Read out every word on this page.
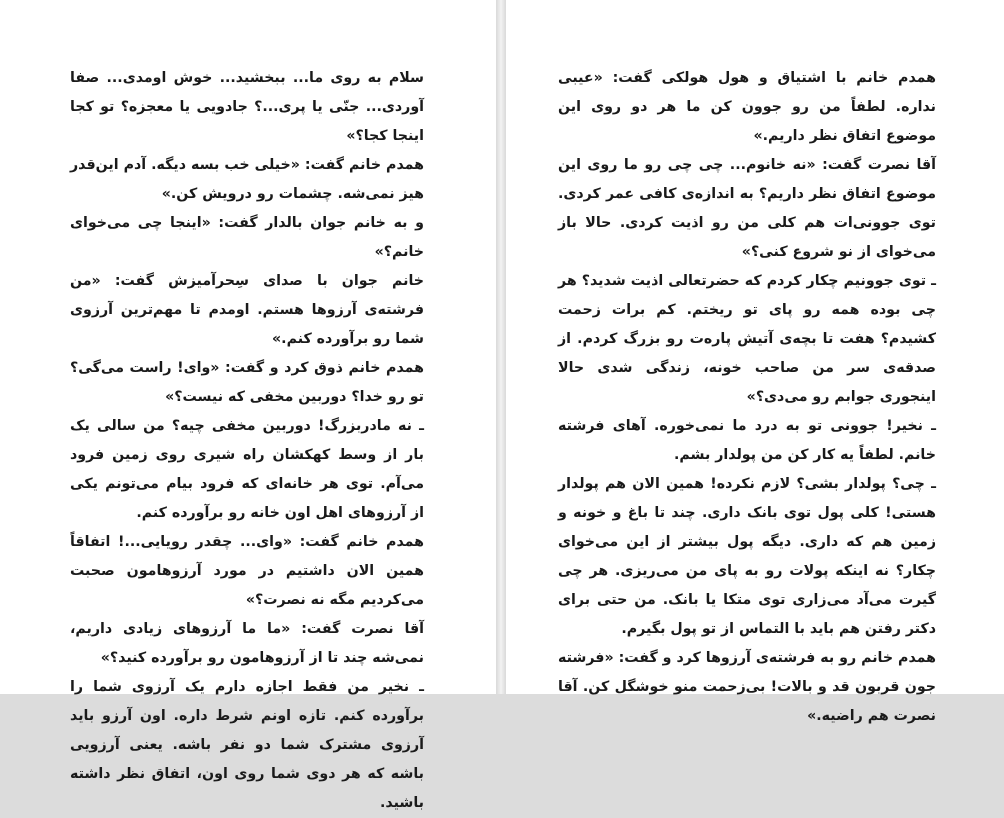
سلام به روی ما... ببخشید... خوش اومدی... صفا آوردی... جنّی یا پری...؟ جادویی یا معجزه؟ تو کجا اینجا کجا؟»

همدم خانم گفت: «خیلی خب بسه دیگه. آدم این‌قدر هیز نمی‌شه. چشمات رو درویش کن.»

و به خانم جوان بالدار گفت: «اینجا چی می‌خوای خانم؟»

خانم جوان با صدای سِحرآمیزش گفت: «من فرشته‌ی آرزوها هستم. اومدم تا مهم‌ترین آرزوی شما رو برآورده کنم.»

همدم خانم ذوق کرد و گفت: «وای! راست می‌گی؟ تو رو خدا؟ دوربین مخفی که نیست؟»

ـ نه مادربزرگ! دوربین مخفی چیه؟ من سالی یک بار از وسط کهکشان راه شیری روی زمین فرود می‌آم. توی هر خانه‌ای که فرود بیام می‌تونم یکی از آرزوهای اهل اون خانه رو برآورده کنم.

همدم خانم گفت: «وای... چقدر رویایی...! اتفاقاً همین الان داشتیم در مورد آرزوهامون صحبت می‌کردیم مگه نه نصرت؟»

آقا نصرت گفت: «ما ما آرزوهای زیادی داریم، نمی‌شه چند تا از آرزوهامون رو برآورده کنید؟»

ـ نخیر من فقط اجازه دارم یک آرزوی شما را برآورده کنم. تازه اونم شرط داره. اون آرزو باید آرزوی مشترک شما دو نفر باشه. یعنی آرزویی باشه که هر دوی شما روی اون، اتفاق نظر داشته باشید.

همدم خانم با اشتیاق و هول هولکی گفت: «عیبی نداره. لطفاً من رو جوون کن ما هر دو روی این موضوع اتفاق نظر داریم.»

آقا نصرت گفت: «نه خانوم... چی چی رو ما روی این موضوع اتفاق نظر داریم؟ به اندازه‌ی کافی عمر کردی. توی جوونی‌ات هم کلی من رو اذیت کردی. حالا باز می‌خوای از نو شروع کنی؟»

ـ توی جوونیم چکار کردم که حضرتعالی اذیت شدید؟ هر چی بوده همه رو پای تو ریختم. کم برات زحمت کشیدم؟ هفت تا بچه‌ی آتیش پارەت رو بزرگ کردم. از صدقه‌ی سر من صاحب خونه، زندگی شدی حالا اینجوری جوابم رو می‌دی؟»

ـ نخیر! جوونی تو به درد ما نمی‌خوره. آهای فرشته خانم. لطفاً یه کار کن من پولدار بشم.

ـ چی؟ پولدار بشی؟ لازم نکرده! همین الان هم پولدار هستی! کلی پول توی بانک داری. چند تا باغ و خونه و زمین هم که داری. دیگه پول بیشتر از این می‌خوای چکار؟ نه اینکه پولات رو به پای من می‌ریزی. هر چی گیرت می‌آد می‌زاری توی متکا یا بانک. من حتی برای دکتر رفتن هم باید با التماس از تو پول بگیرم.

همدم خانم رو به فرشته‌ی آرزوها کرد و گفت: «فرشته جون قربون قد و بالات! بی‌زحمت منو خوشگل کن. آقا نصرت هم راضیه.»
